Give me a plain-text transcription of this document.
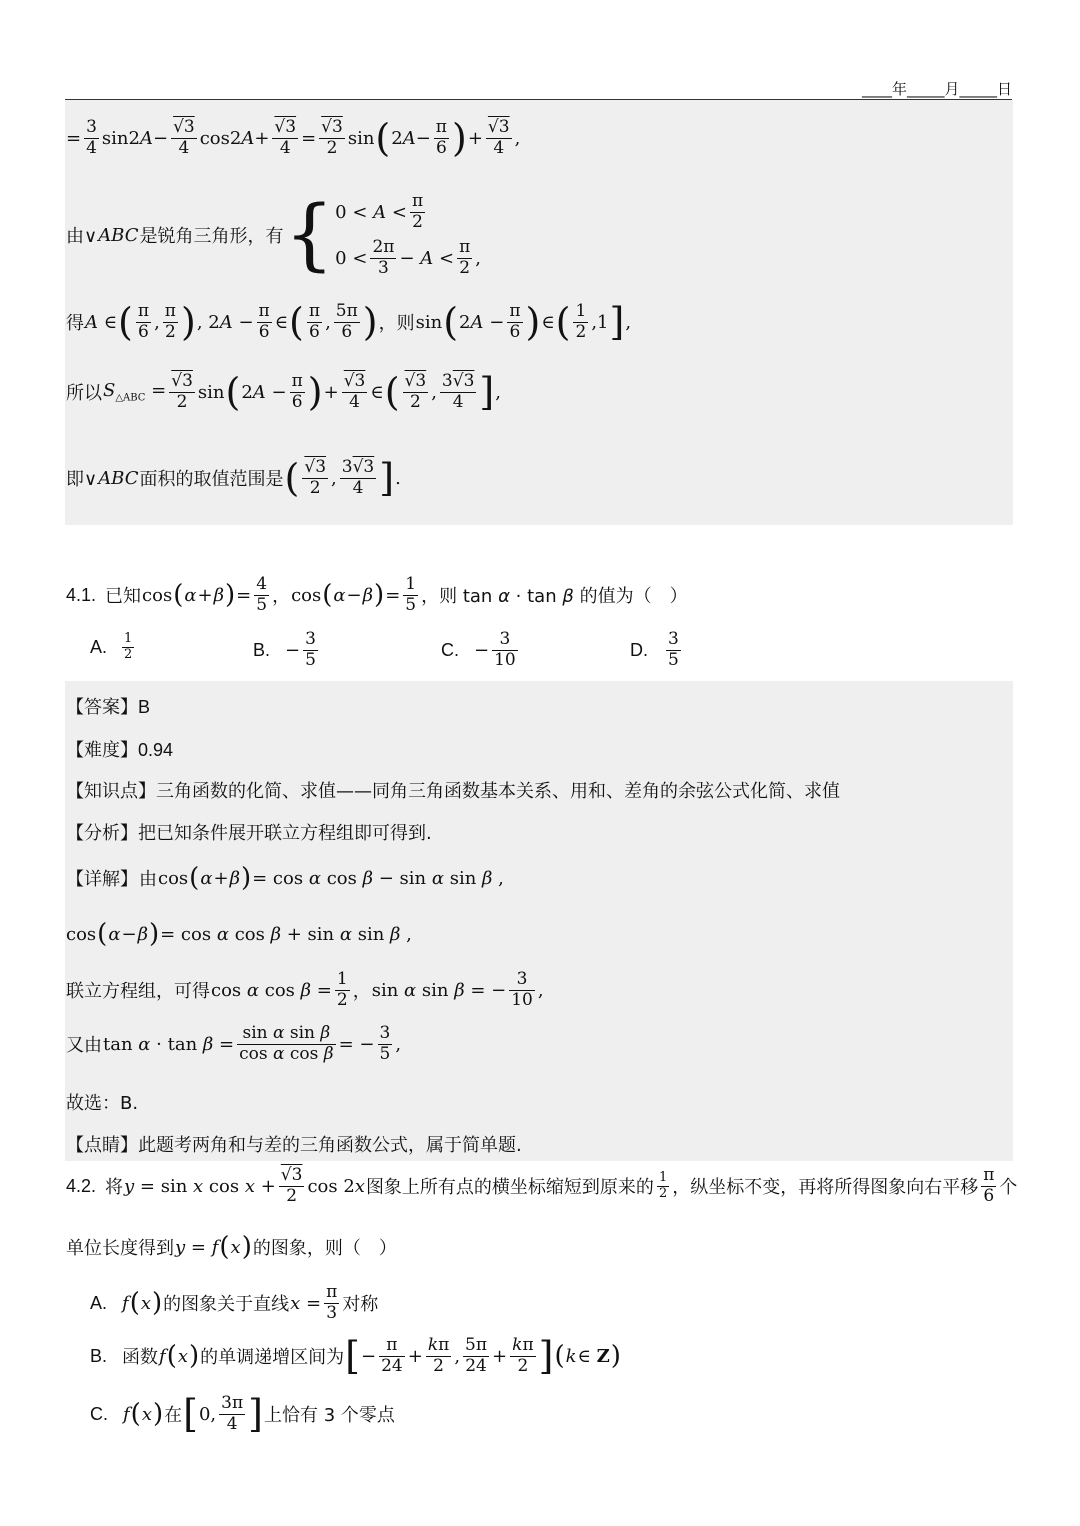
____年_____月_____日
= $\frac{3}{4} \sin 2A- \frac{√3}{4} \cos 2A+ \frac{√3}{4} = \frac{√3}{2}$ sin ( $2A- \frac{\pi}{6}$ ) + $\frac{√3}{4}$ ,
由∨ ABC 是锐角三角形，有 { $0 < A < \frac{\pi}{2}$
$0 < \frac{2\pi}{3} - A < \frac{\pi}{2}$ ,
得 A ∈ ( $\frac{\pi}{6}$ , $\frac{\pi}{2}$ ) , $2A - \frac{\pi}{6}$ ∈ ( $\frac{\pi}{6}$ , $\frac{5\pi}{6}$ ) ，则 sin ( $2A - \frac{\pi}{6}$ ) ∈ ( $\frac{1}{2} ,1$ ] ,
所以 $S_{\triangle ABC} = \frac{√3}{2}$ sin ( $2A - \frac{\pi}{6}$ ) + $\frac{√3}{4}$ ∈ ( $\frac{√3}{2}$ , $\frac{3√3}{4}$ ] ,
即∨ ABC 面积的取值范围是 ( $\frac{√3}{2}$ , $\frac{3√3}{4}$ ] .
4.1. 已知 cos ( α + β ) = $\frac{4}{5}$ ， cos ( α − β ) = $\frac{1}{5}$ ，则 tan α · tan β 的值为（　）
A. $\frac{1}{2}$	B. − $\frac{3}{5}$	C. − $\frac{3}{10}$	D. $\frac{3}{5}$
【答案】B
【难度】0.94
【知识点】三角函数的化简、求值——同角三角函数基本关系、用和、差角的余弦公式化简、求值
【分析】把已知条件展开联立方程组即可得到.
【详解】 由 cos ( α + β ) = cos α cos β − sin α sin β ,
cos ( α − β ) = cos α cos β + sin α sin β ,
联立方程组，可得 cos α $\cos \beta = \frac{1}{2}$ ， sin α sin β = − $\frac{3}{10}$ ,
又由 $\tan \alpha \cdot \tan \beta = \frac{\text{sin α sin β}}{\text{cos α cos β}}$ = − $\frac{3}{5}$ ,
故选：B.
【点睛】此题考两角和与差的三角函数公式，属于简单题.
4.2. 将 y = sin x $\cos x + \frac{√3}{2}$ cos 2x 图象上所有点的横坐标缩短到原来的 $\frac{1}{2}$ ，纵坐标不变，再将所得图象向右平移 $\frac{\pi}{6}$ 个
单位长度得到 y = f ( x ) 的图象，则（　）
A. f ( x ) 的图象关于直线 $x = \frac{\pi}{3}$ 对称
B. 函数 f ( x ) 的单调递增区间为 [ − $\frac{\pi}{24} + \frac{k\pi}{2}$ , $\frac{5\pi}{24} + \frac{k\pi}{2}$ ] ( k ∈ Z )
C. f ( x ) 在 [ 0, $\frac{3\pi}{4}$ ] 上恰有 3 个零点
